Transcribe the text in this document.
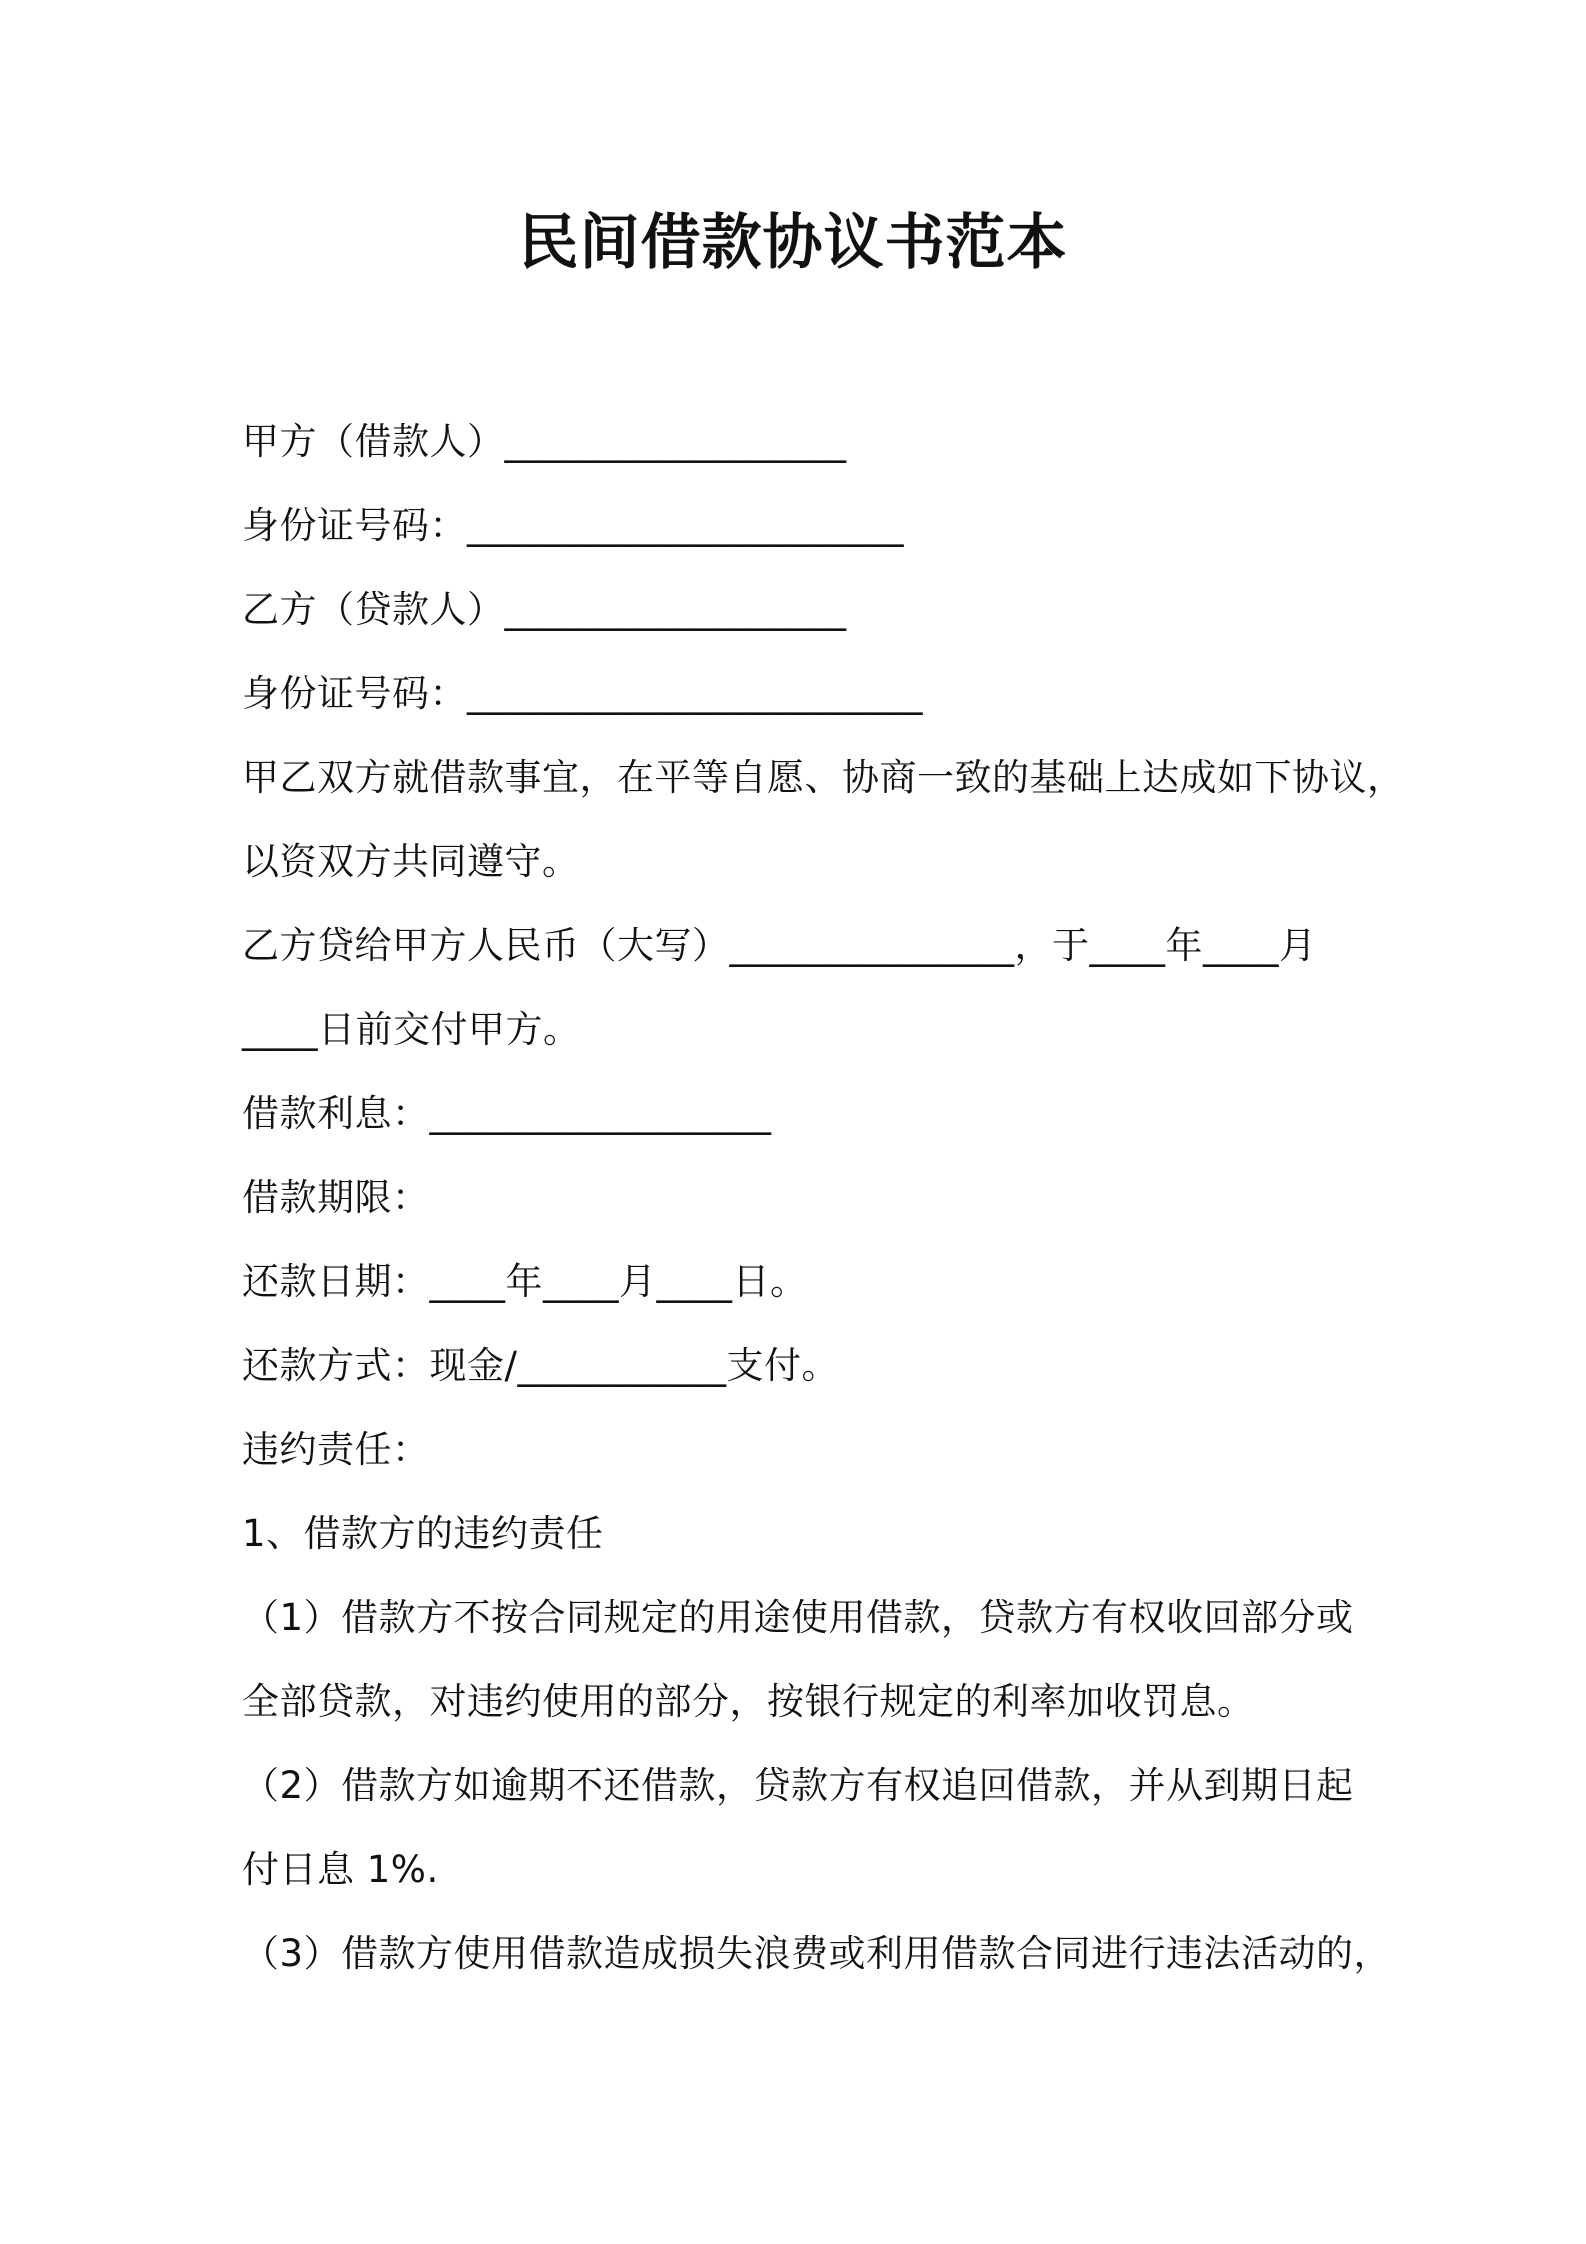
民间借款协议书范本
甲方（借款人）__________________
身份证号码：_______________________
乙方（贷款人）__________________
身份证号码：________________________
甲乙双方就借款事宜，在平等自愿、协商一致的基础上达成如下协议，
以资双方共同遵守。
乙方贷给甲方人民币（大写）_______________，于____年____月
____日前交付甲方。
借款利息：__________________
借款期限：
还款日期：____年____月____日。
还款方式：现金/___________支付。
违约责任：
1、借款方的违约责任
（1）借款方不按合同规定的用途使用借款，贷款方有权收回部分或
全部贷款，对违约使用的部分，按银行规定的利率加收罚息。
（2）借款方如逾期不还借款，贷款方有权追回借款，并从到期日起
付日息 1%.
（3）借款方使用借款造成损失浪费或利用借款合同进行违法活动的，
